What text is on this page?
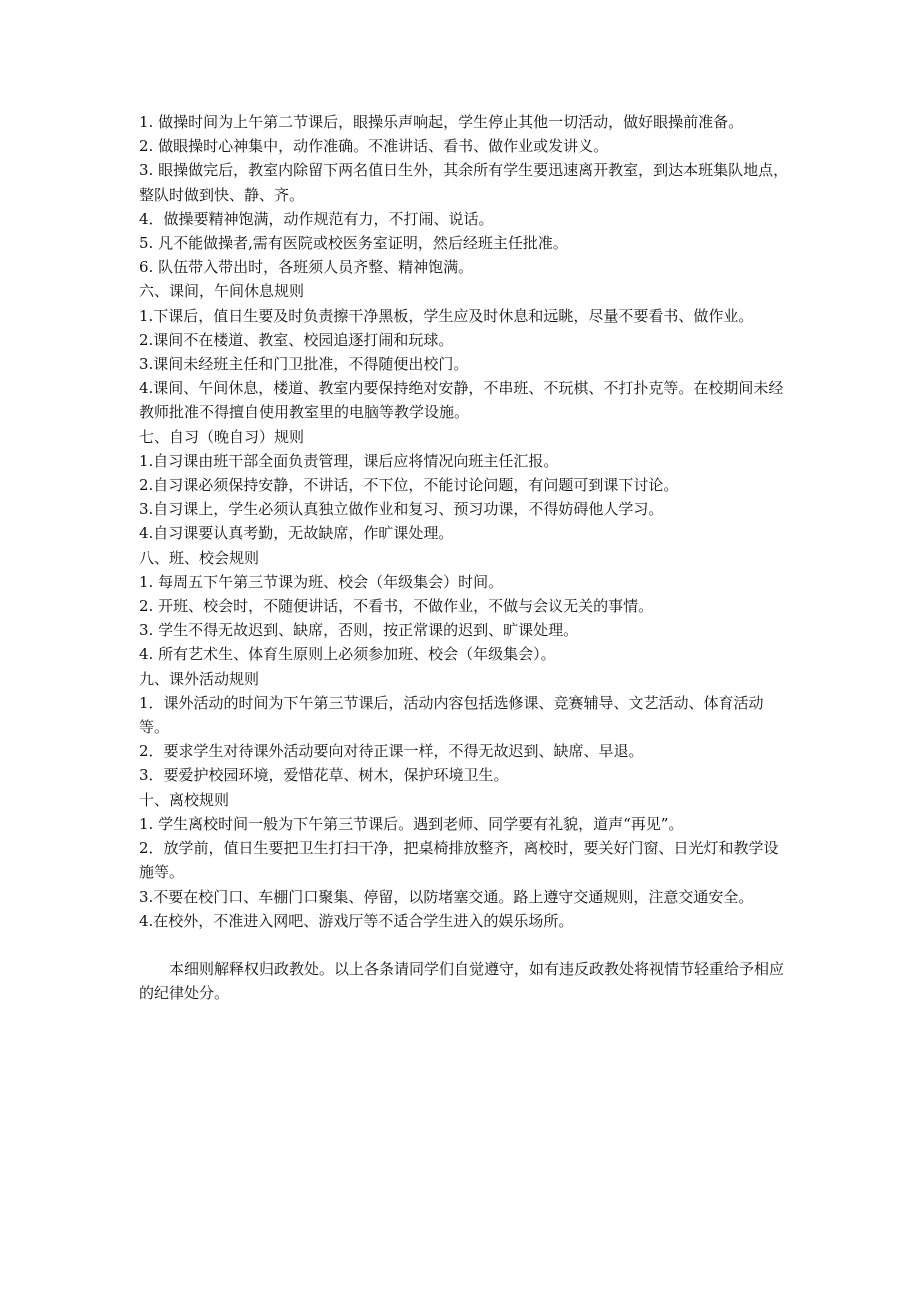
1. 做操时间为上午第二节课后，眼操乐声响起，学生停止其他一切活动，做好眼操前准备。

2. 做眼操时心神集中，动作准确。不准讲话、看书、做作业或发讲义。

3. 眼操做完后，教室内除留下两名值日生外，其余所有学生要迅速离开教室，到达本班集队地点，整队时做到快、静、齐。

4．做操要精神饱满，动作规范有力，不打闹、说话。

5. 凡不能做操者,需有医院或校医务室证明，然后经班主任批准。

6. 队伍带入带出时，各班须人员齐整、精神饱满。

六、课间，午间休息规则

1.下课后，值日生要及时负责擦干净黑板，学生应及时休息和远眺，尽量不要看书、做作业。

2.课间不在楼道、教室、校园追逐打闹和玩球。

3.课间未经班主任和门卫批准，不得随便出校门。

4.课间、午间休息，楼道、教室内要保持绝对安静，不串班、不玩棋、不打扑克等。在校期间未经教师批准不得擅自使用教室里的电脑等教学设施。

七、自习（晚自习）规则

1.自习课由班干部全面负责管理，课后应将情况向班主任汇报。

2.自习课必须保持安静，不讲话，不下位，不能讨论问题，有问题可到课下讨论。

3.自习课上，学生必须认真独立做作业和复习、预习功课，不得妨碍他人学习。

4.自习课要认真考勤，无故缺席，作旷课处理。

八、班、校会规则

1. 每周五下午第三节课为班、校会（年级集会）时间。

2. 开班、校会时，不随便讲话，不看书，不做作业，不做与会议无关的事情。

3. 学生不得无故迟到、缺席，否则，按正常课的迟到、旷课处理。

4. 所有艺术生、体育生原则上必须参加班、校会（年级集会）。

九、课外活动规则

1．课外活动的时间为下午第三节课后，活动内容包括选修课、竞赛辅导、文艺活动、体育活动等。

2．要求学生对待课外活动要向对待正课一样，不得无故迟到、缺席、早退。

3．要爱护校园环境，爱惜花草、树木，保护环境卫生。

十、离校规则

1. 学生离校时间一般为下午第三节课后。遇到老师、同学要有礼貌，道声“再见”。

2．放学前，值日生要把卫生打扫干净，把桌椅排放整齐，离校时，要关好门窗、日光灯和教学设施等。

3.不要在校门口、车棚门口聚集、停留，以防堵塞交通。路上遵守交通规则，注意交通安全。

4.在校外，不准进入网吧、游戏厅等不适合学生进入的娱乐场所。

本细则解释权归政教处。以上各条请同学们自觉遵守，如有违反政教处将视情节轻重给予相应的纪律处分。
